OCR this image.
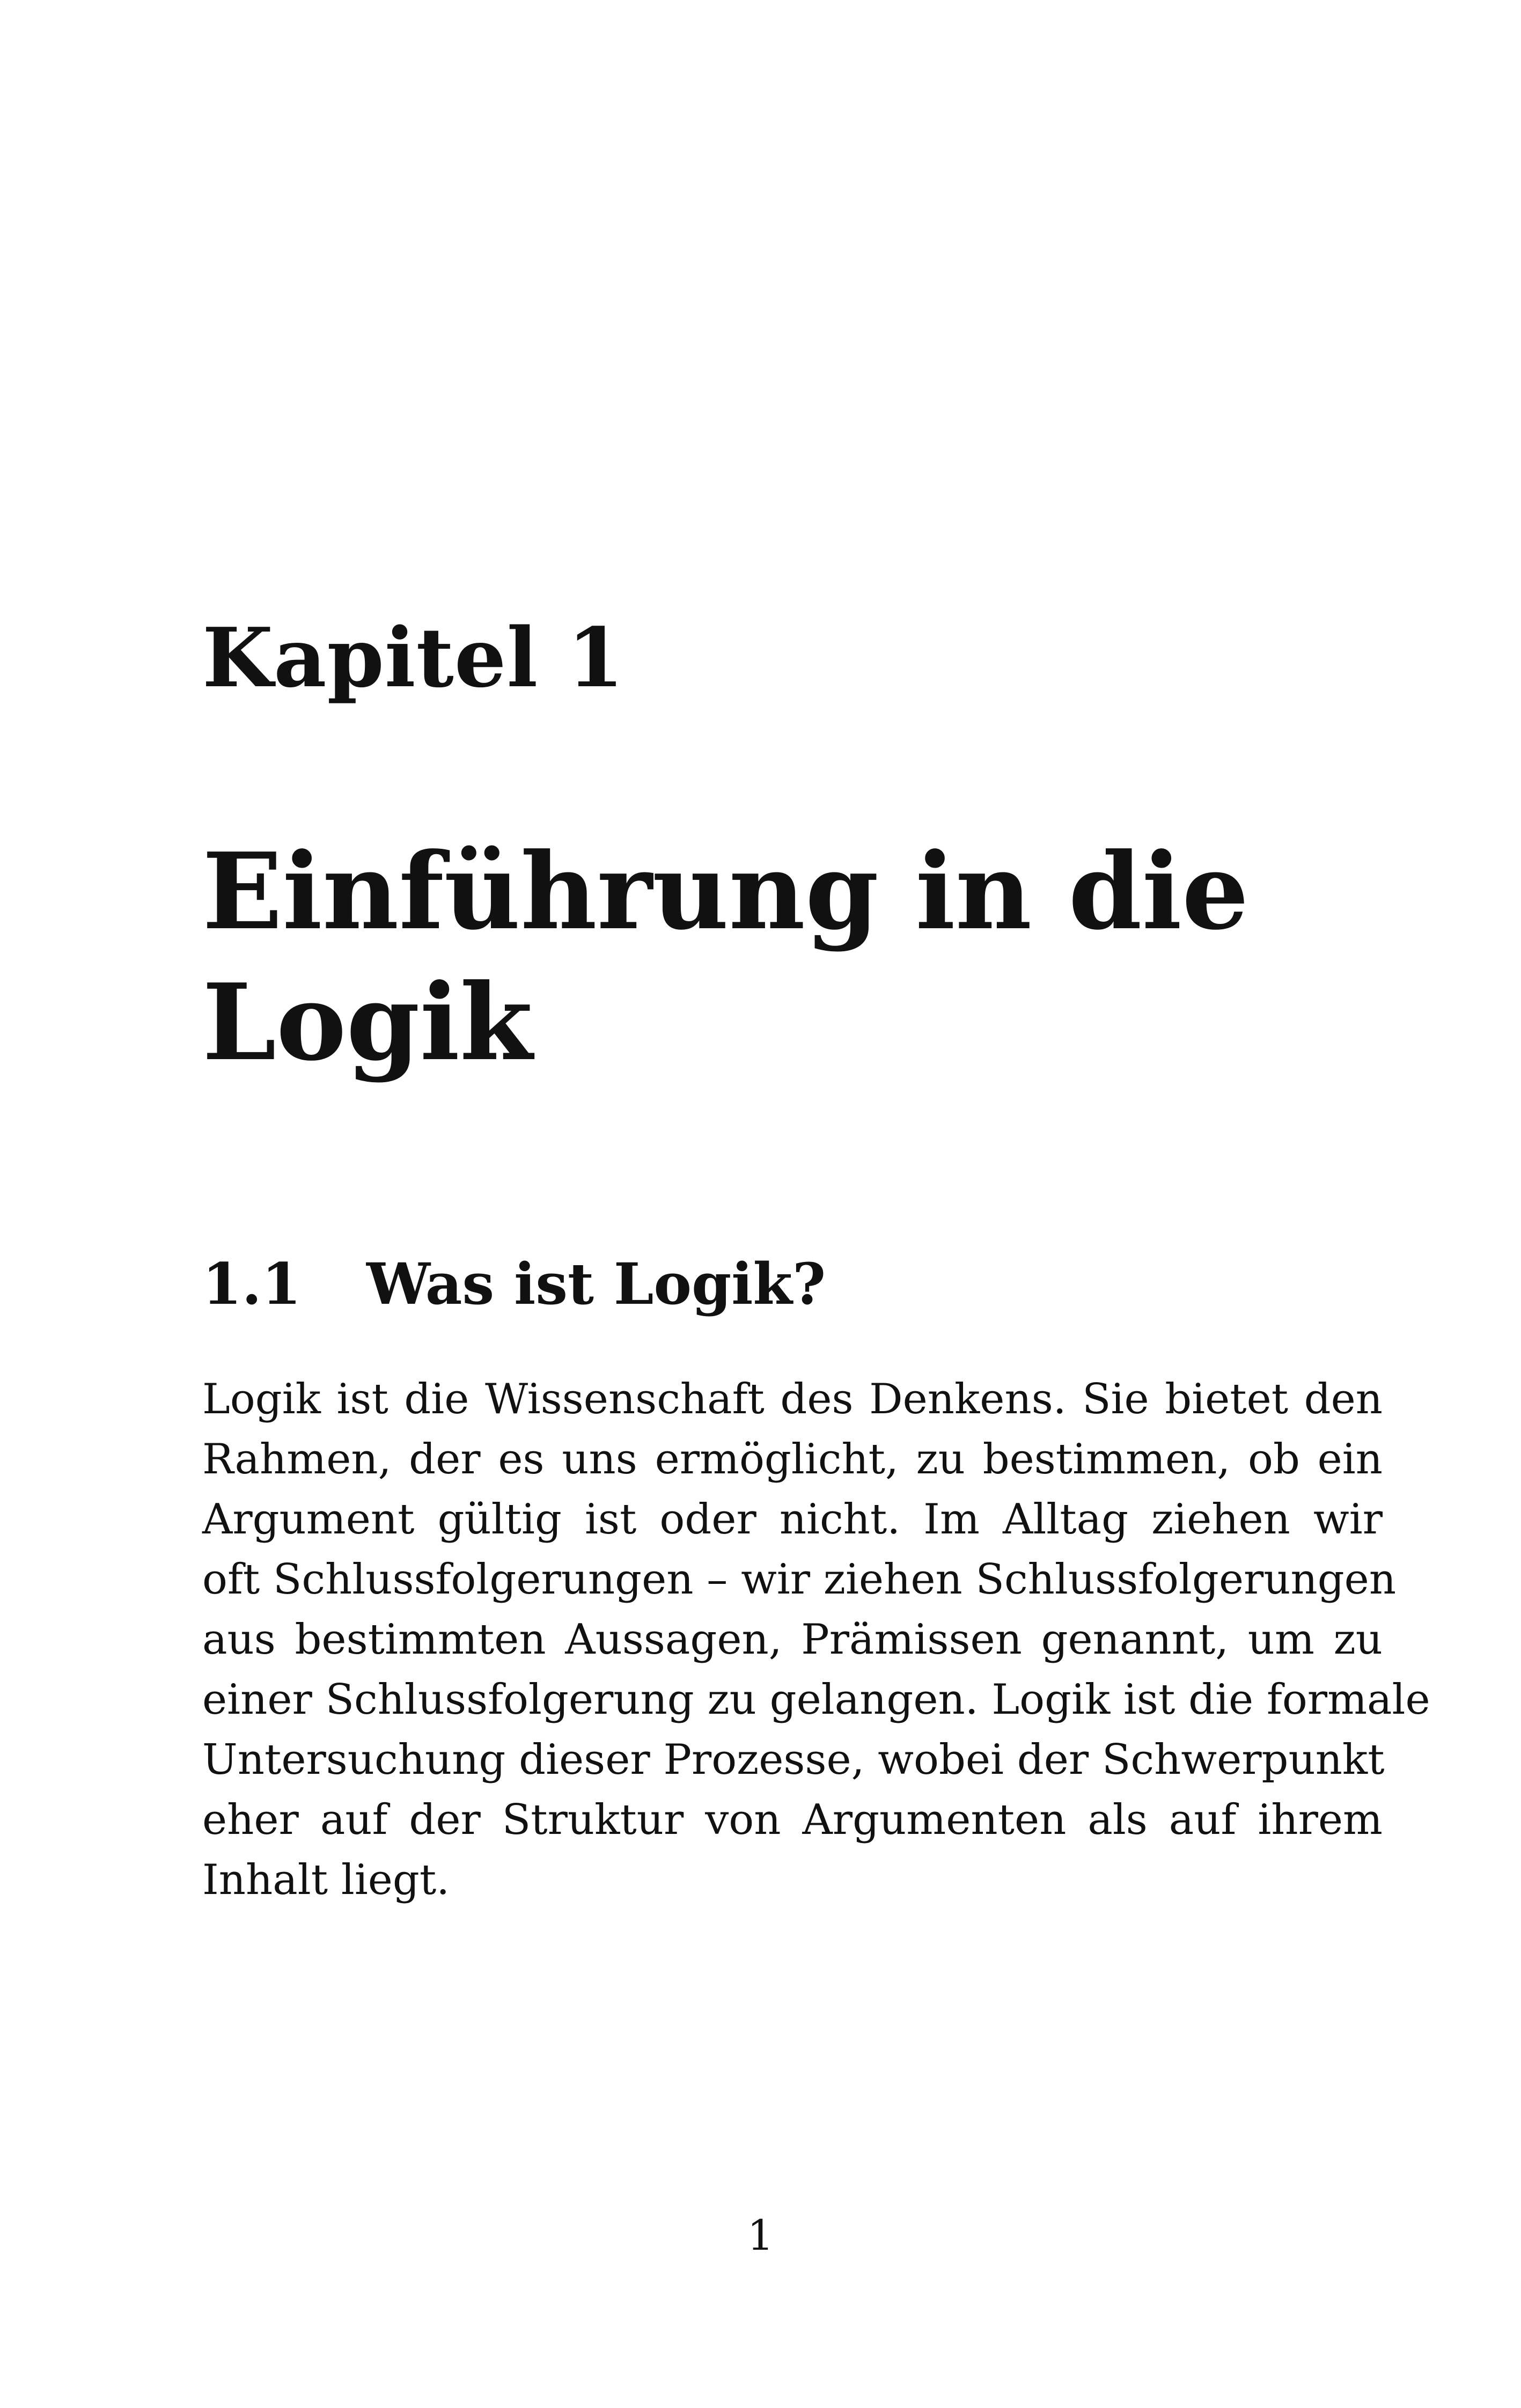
Kapitel 1
Einführung in die
Logik
1.1 Was ist Logik?
Logik ist die Wissenschaft des Denkens. Sie bietet den
Rahmen, der es uns ermöglicht, zu bestimmen, ob ein
Argument gültig ist oder nicht. Im Alltag ziehen wir
oft Schlussfolgerungen – wir ziehen Schlussfolgerungen
aus bestimmten Aussagen, Prämissen genannt, um zu
einer Schlussfolgerung zu gelangen. Logik ist die formale
Untersuchung dieser Prozesse, wobei der Schwerpunkt
eher auf der Struktur von Argumenten als auf ihrem
Inhalt liegt.
1
